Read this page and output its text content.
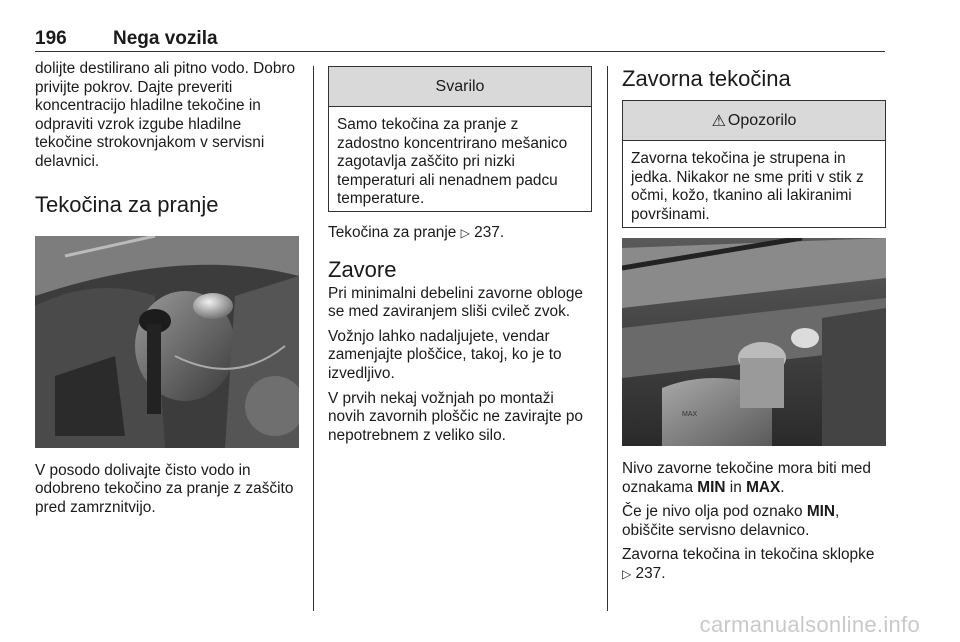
196 Nega vozila

dolijte destilirano ali pitno vodo. Dobro privijte pokrov. Dajte preveriti koncentracijo hladilne tekočine in odpraviti vzrok izgube hladilne tekočine strokovnjakom v servisni delavnici.

Tekočina za pranje

V posodo dolivajte čisto vodo in odobreno tekočino za pranje z zaščito pred zamrznitvijo.

Svarilo
Samo tekočina za pranje z zadostno koncentrirano mešanico zagotavlja zaščito pri nizki temperaturi ali nenadnem padcu temperature.

Tekočina za pranje ▷ 237.

Zavore

Pri minimalni debelini zavorne obloge se med zaviranjem sliši cvileč zvok.

Vožnjo lahko nadaljujete, vendar zamenjajte ploščice, takoj, ko je to izvedljivo.

V prvih nekaj vožnjah po montaži novih zavornih ploščic ne zavirajte po nepotrebnem z veliko silo.

Zavorna tekočina
⚠ Opozorilo
Zavorna tekočina je strupena in jedka. Nikakor ne sme priti v stik z očmi, kožo, tkanino ali lakiranimi površinami.
MAX

Nivo zavorne tekočine mora biti med oznakama MIN in MAX.

Če je nivo olja pod oznako MIN, obiščite servisno delavnico.

Zavorna tekočina in tekočina sklopke
▷ 237.

carmanualsonline.info
